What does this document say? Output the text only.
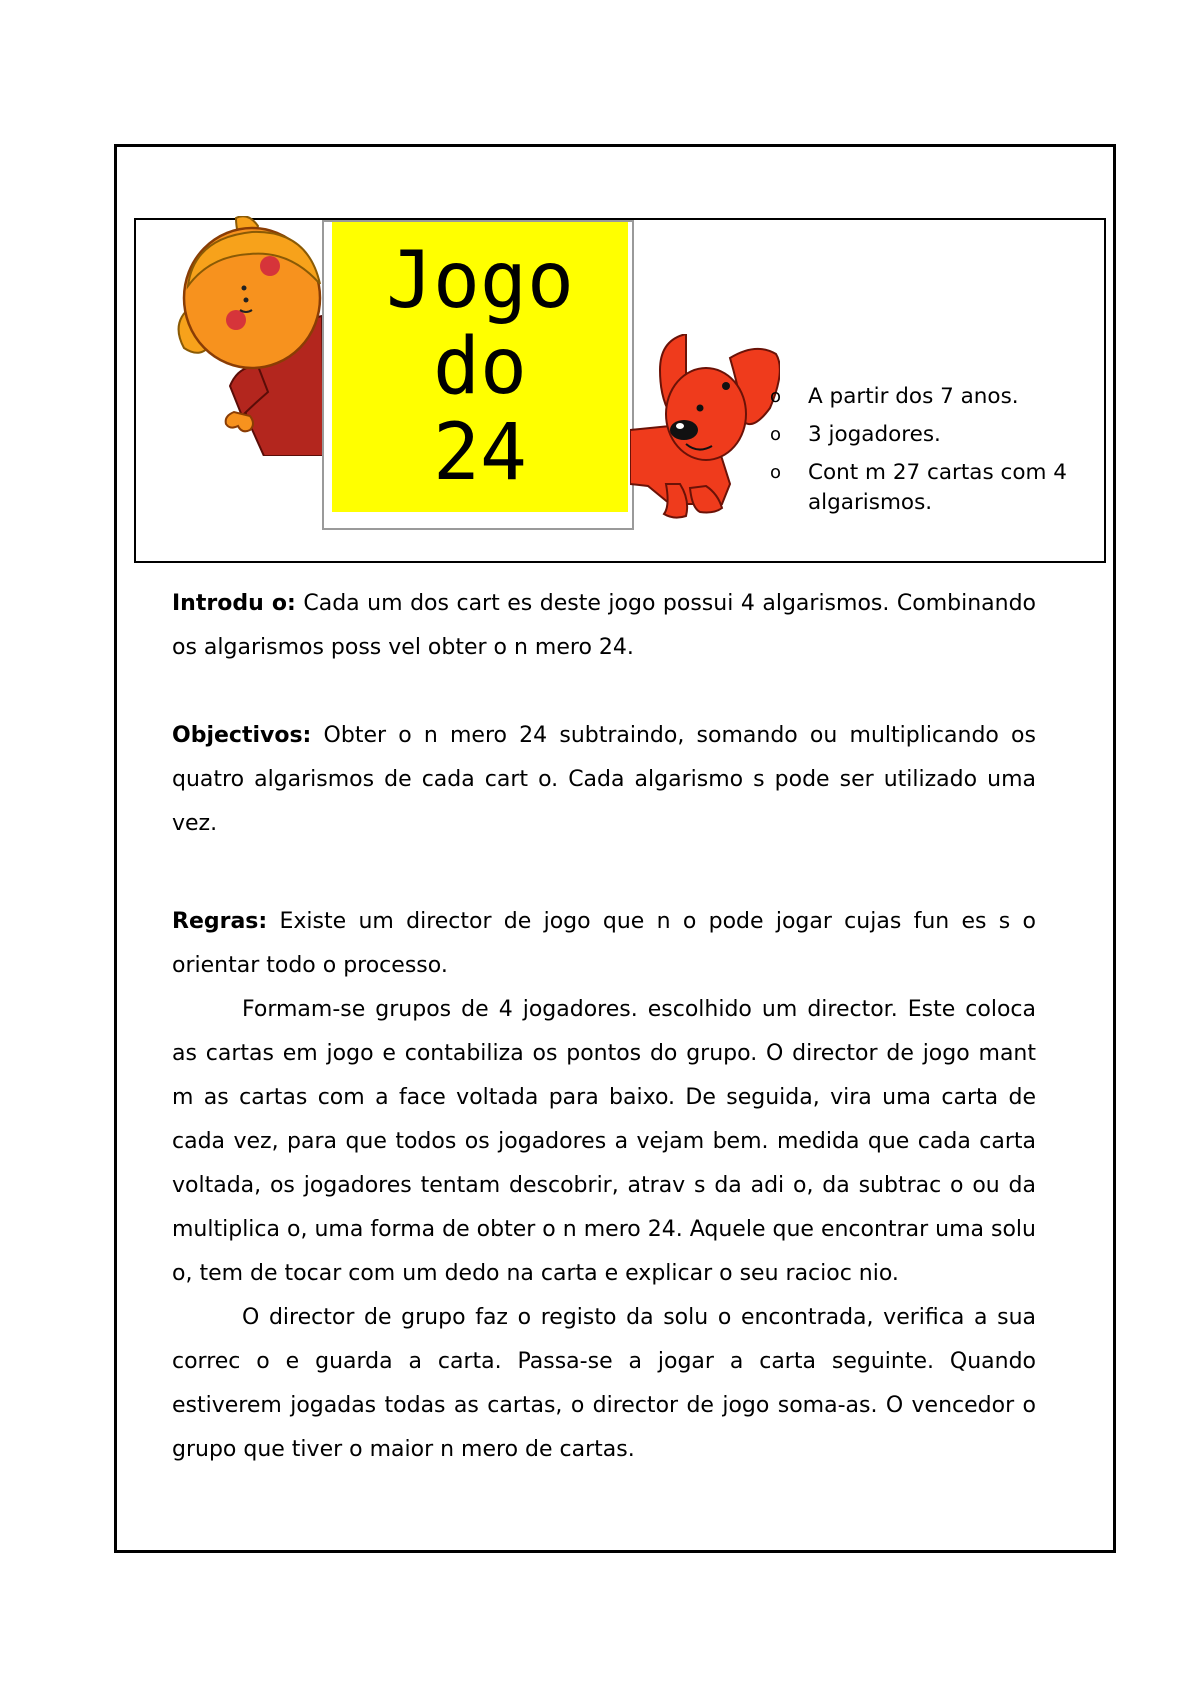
Jogo
do
24
o A partir dos 7 anos.
o 3 jogadores.
o Cont m 27 cartas com 4 algarismos.

Introdu o: Cada um dos cart es deste jogo possui 4 algarismos. Combinando os algarismos poss vel obter o n mero 24.

Objectivos: Obter o n mero 24 subtraindo, somando ou multiplicando os quatro algarismos de cada cart o. Cada algarismo s pode ser utilizado uma vez.

Regras: Existe um director de jogo que n o pode jogar cujas fun es s o orientar todo o processo.

Formam-se grupos de 4 jogadores. escolhido um director. Este coloca as cartas em jogo e contabiliza os pontos do grupo. O director de jogo mant m as cartas com a face voltada para baixo. De seguida, vira uma carta de cada vez, para que todos os jogadores a vejam bem. medida que cada carta voltada, os jogadores tentam descobrir, atrav s da adi o, da subtrac o ou da multiplica o, uma forma de obter o n mero 24. Aquele que encontrar uma solu o, tem de tocar com um dedo na carta e explicar o seu racioc nio.

O director de grupo faz o registo da solu o encontrada, verifica a sua correc o e guarda a carta. Passa-se a jogar a carta seguinte. Quando estiverem jogadas todas as cartas, o director de jogo soma-as. O vencedor o grupo que tiver o maior n mero de cartas.
